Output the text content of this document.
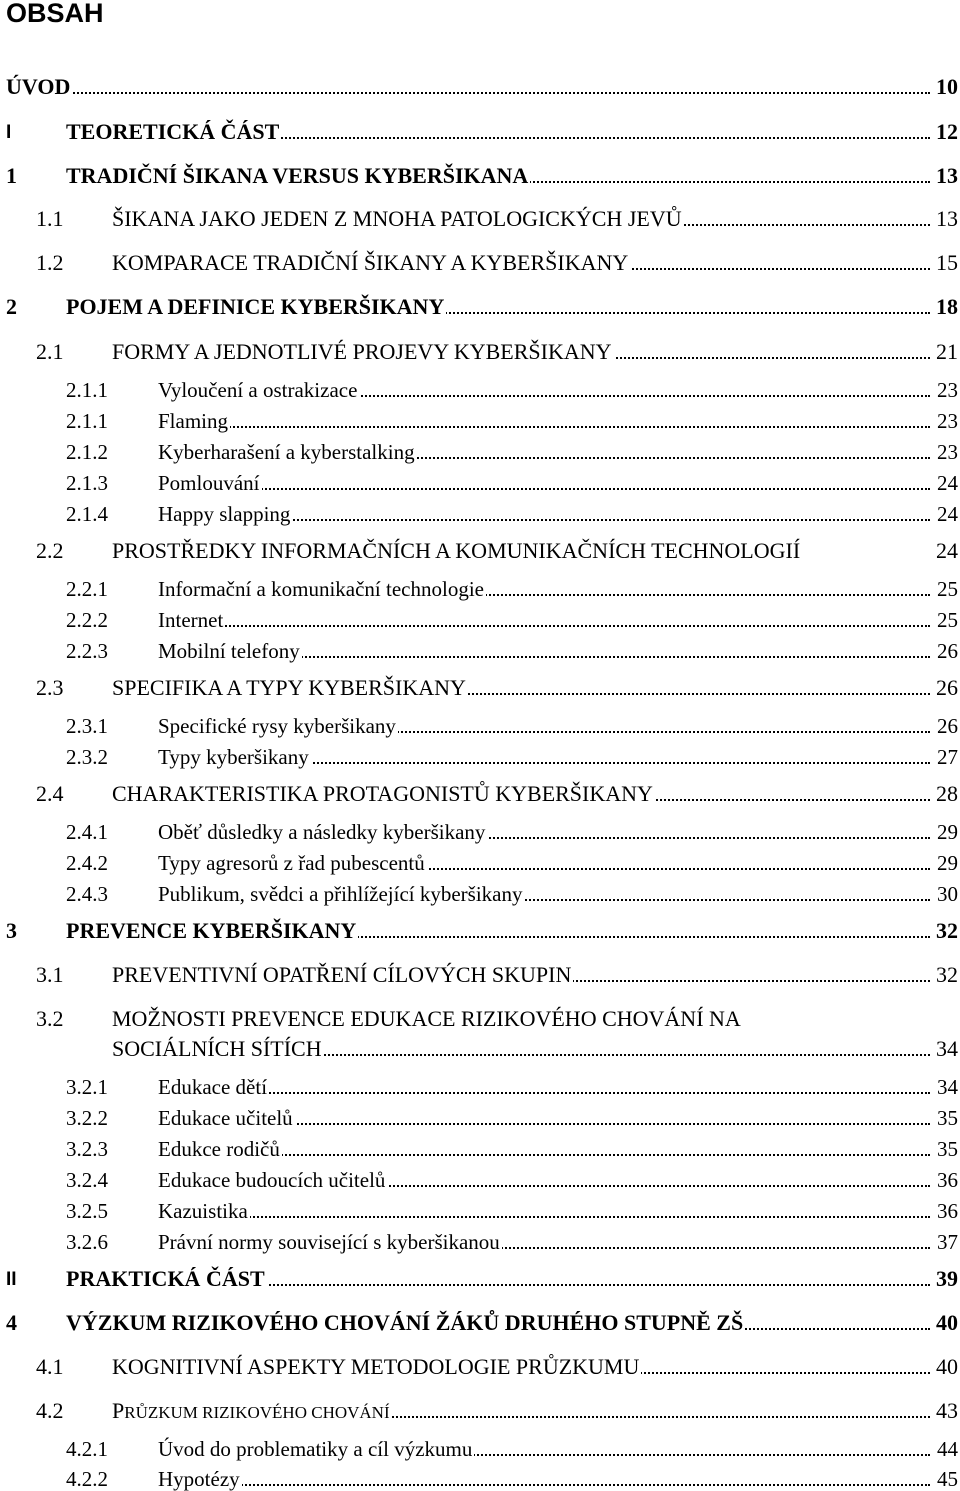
OBSAH
ÚVOD	10
I TEORETICKÁ ČÁST	12
1 TRADIČNÍ ŠIKANA VERSUS KYBERŠIKANA	13
1.1 ŠIKANA JAKO JEDEN Z MNOHA PATOLOGICKÝCH JEVŮ	13
1.2 KOMPARACE TRADIČNÍ ŠIKANY A KYBERŠIKANY	15
2 POJEM A DEFINICE KYBERŠIKANY	18
2.1 FORMY A JEDNOTLIVÉ PROJEVY KYBERŠIKANY	21
2.1.1 Vyloučení a ostrakizace	23
2.1.1 Flaming	23
2.1.2 Kyberharašení a kyberstalking	23
2.1.3 Pomlouvání	24
2.1.4 Happy slapping	24
2.2 PROSTŘEDKY INFORMAČNÍCH A KOMUNIKAČNÍCH TECHNOLOGIÍ	24
2.2.1 Informační a komunikační technologie	25
2.2.2 Internet	25
2.2.3 Mobilní telefony	26
2.3 SPECIFIKA A TYPY KYBERŠIKANY	26
2.3.1 Specifické rysy kyberšikany	26
2.3.2 Typy kyberšikany	27
2.4 CHARAKTERISTIKA PROTAGONISTŮ KYBERŠIKANY	28
2.4.1 Oběť důsledky a následky kyberšikany	29
2.4.2 Typy agresorů z řad pubescentů	29
2.4.3 Publikum, svědci a přihlížející kyberšikany	30
3 PREVENCE KYBERŠIKANY	32
3.1 PREVENTIVNÍ OPATŘENÍ CÍLOVÝCH SKUPIN	32
3.2 MOŽNOSTI PREVENCE EDUKACE RIZIKOVÉHO CHOVÁNÍ NA
SOCIÁLNÍCH SÍTÍCH	34
3.2.1 Edukace dětí	34
3.2.2 Edukace učitelů	35
3.2.3 Edukce rodičů	35
3.2.4 Edukace budoucích učitelů	36
3.2.5 Kazuistika	36
3.2.6 Právní normy související s kyberšikanou	37
II PRAKTICKÁ ČÁST	39
4 VÝZKUM RIZIKOVÉHO CHOVÁNÍ ŽÁKŮ DRUHÉHO STUPNĚ ZŠ	40
4.1 KOGNITIVNÍ ASPEKTY METODOLOGIE PRŮZKUMU	40
4.2 PRŮZKUM RIZIKOVÉHO CHOVÁNÍ	43
4.2.1 Úvod do problematiky a cíl výzkumu	44
4.2.2 Hypotézy	45
